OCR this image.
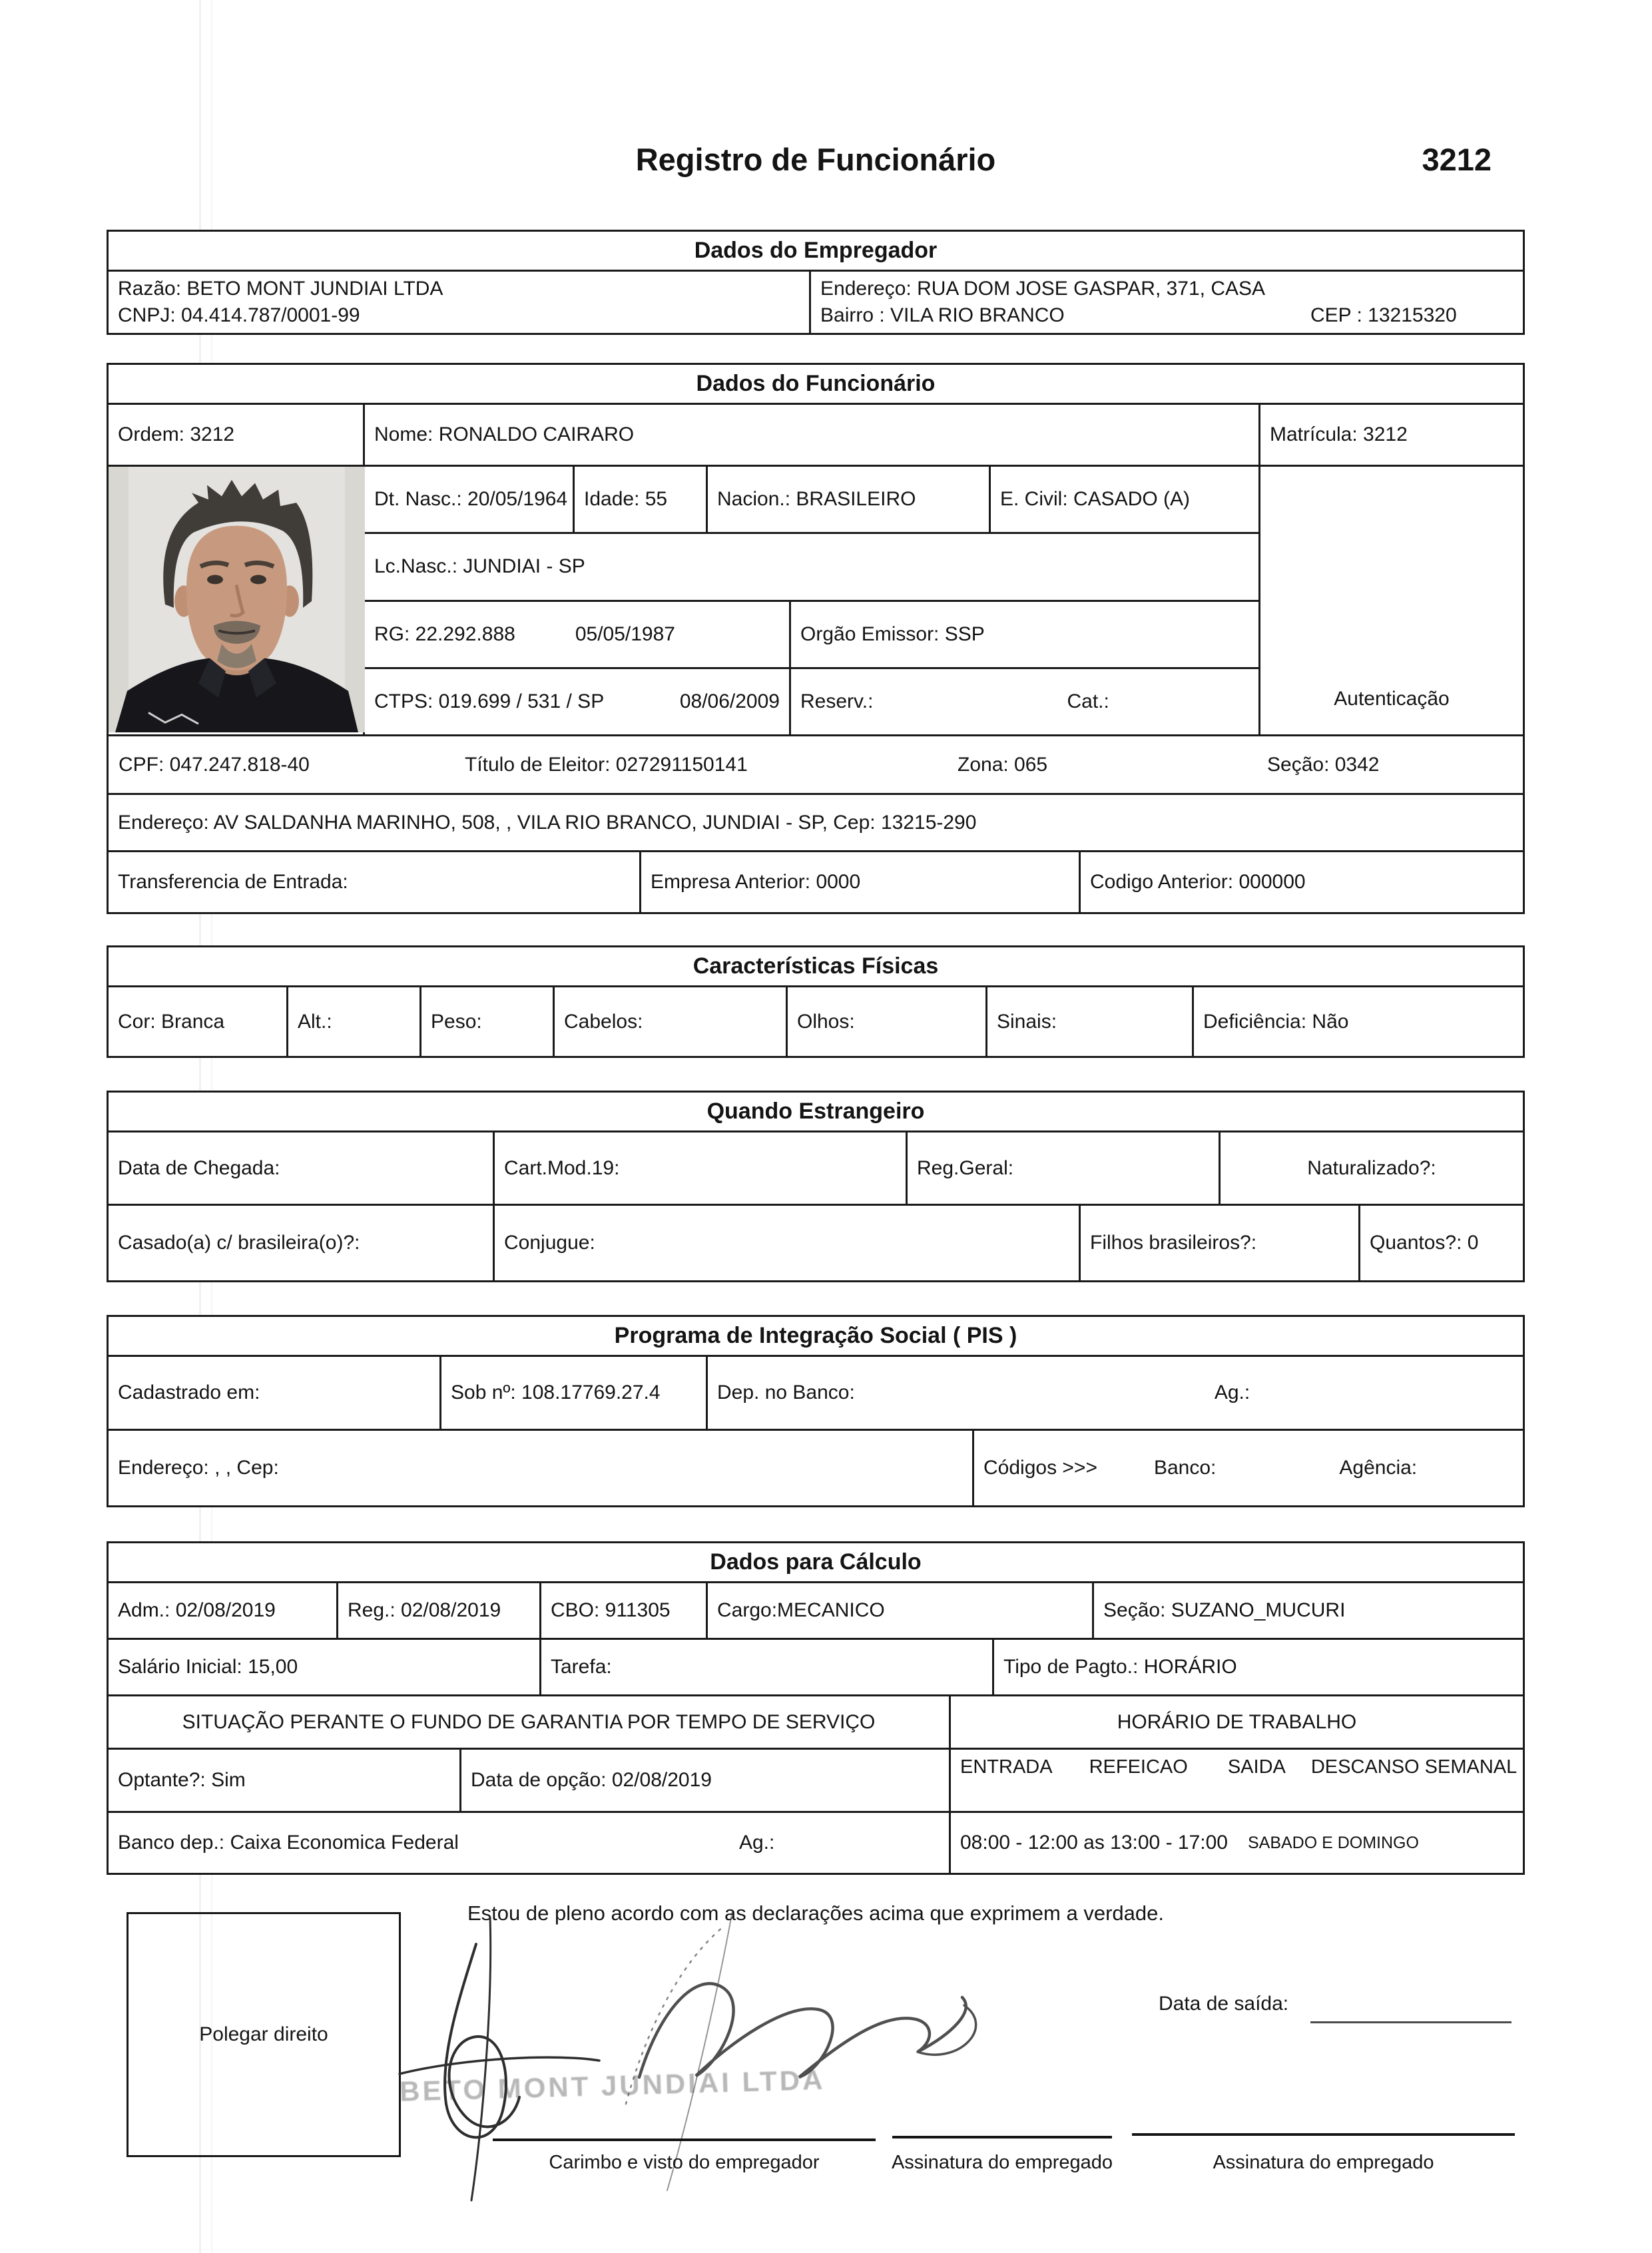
Registro de Funcionário	3212
Dados do Empregador
Razão: BETO MONT JUNDIAI LTDA
CNPJ: 04.414.787/0001-99
Endereço: RUA DOM JOSE GASPAR, 371, CASA
Bairro : VILA RIO BRANCO	CEP : 13215320
Dados do Funcionário
Ordem: 3212	Nome: RONALDO CAIRARO	Matrícula: 3212
Dt. Nasc.: 20/05/1964 Idade: 55	Nacion.: BRASILEIRO	E. Civil: CASADO (A)
Lc.Nasc.: JUNDIAI - SP
RG: 22.292.888	05/05/1987	Orgão Emissor: SSP
CTPS: 019.699 / 531 / SP	08/06/2009 Reserv.:	Cat.:	Autenticação
CPF: 047.247.818-40	Título de Eleitor: 027291150141	Zona: 065	Seção: 0342
Endereço: AV SALDANHA MARINHO, 508, , VILA RIO BRANCO, JUNDIAI - SP, Cep: 13215-290
Transferencia de Entrada:	Empresa Anterior: 0000	Codigo Anterior: 000000
Características Físicas
Cor: Branca	Alt.:	Peso:	Cabelos:	Olhos:	Sinais:	Deficiência: Não
Quando Estrangeiro
Data de Chegada:	Cart.Mod.19:	Reg.Geral:	Naturalizado?:
Casado(a) c/ brasileira(o)?:	Conjugue:	Filhos brasileiros?:	Quantos?: 0
Programa de Integração Social ( PIS )
Cadastrado em:	Sob nº: 108.17769.27.4	Dep. no Banco:	Ag.:
Endereço: , , Cep:	Códigos >>>	Banco:	Agência:
Dados para Cálculo
Adm.: 02/08/2019	Reg.: 02/08/2019	CBO: 911305	Cargo:MECANICO	Seção: SUZANO_MUCURI
Salário Inicial: 15,00	Tarefa:	Tipo de Pagto.: HORÁRIO
SITUAÇÃO PERANTE O FUNDO DE GARANTIA POR TEMPO DE SERVIÇO	HORÁRIO DE TRABALHO
Optante?: Sim	Data de opção: 02/08/2019
ENTRADA REFEICAO SAIDA DESCANSO SEMANAL
Banco dep.: Caixa Economica Federal	Ag.:	08:00 - 12:00 as 13:00 - 17:00 SABADO E DOMINGO
Polegar direito
Estou de pleno acordo com as declarações acima que exprimem a verdade.
Data de saída:
BETO MONT JUNDIAI LTDA
Carimbo e visto do empregador	Assinatura do empregado	Assinatura do empregado
